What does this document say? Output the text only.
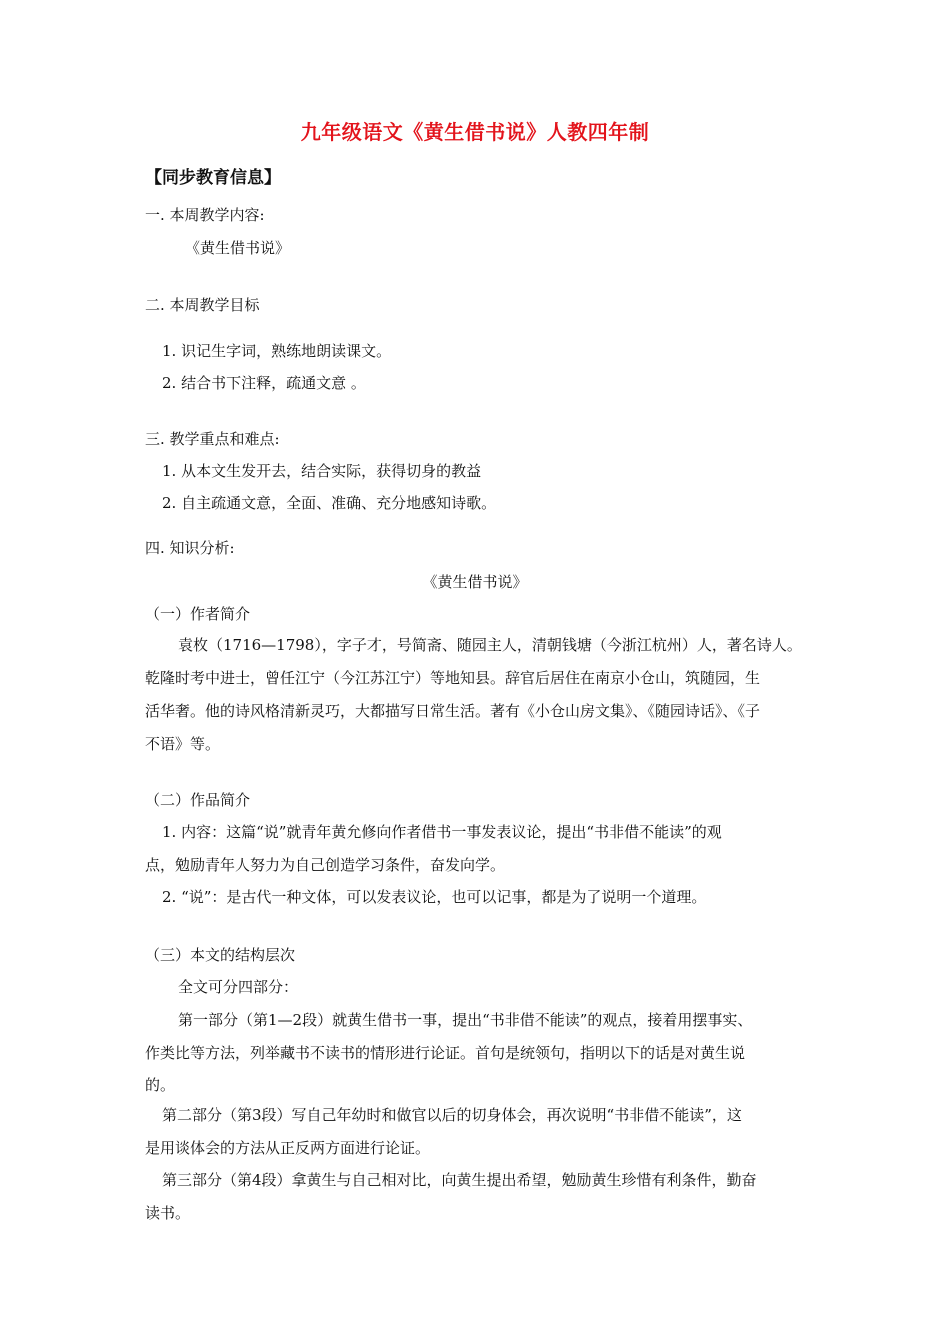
九年级语文《黄生借书说》人教四年制
【同步教育信息】
一. 本周教学内容:
《黄生借书说》
二. 本周教学目标
1. 识记生字词，熟练地朗读课文。
2. 结合书下注释，疏通文意 。
三. 教学重点和难点:
1. 从本文生发开去，结合实际，获得切身的教益
2. 自主疏通文意，全面、准确、充分地感知诗歌。
四. 知识分析:
《黄生借书说》
（一）作者简介
袁枚（1716—1798），字子才，号简斋、随园主人，清朝钱塘（今浙江杭州）人，著名诗人。
乾隆时考中进士，曾任江宁（今江苏江宁）等地知县。辞官后居住在南京小仓山，筑随园，生
活华奢。他的诗风格清新灵巧，大都描写日常生活。著有《小仓山房文集》、《随园诗话》、《子
不语》等。
（二）作品简介
1. 内容：这篇“说”就青年黄允修向作者借书一事发表议论，提出“书非借不能读”的观
点，勉励青年人努力为自己创造学习条件，奋发向学。
2. “说”：是古代一种文体，可以发表议论，也可以记事，都是为了说明一个道理。
（三）本文的结构层次
全文可分四部分：
第一部分（第1—2段）就黄生借书一事，提出“书非借不能读”的观点，接着用摆事实、
作类比等方法，列举藏书不读书的情形进行论证。首句是统领句，指明以下的话是对黄生说
的。
第二部分（第3段）写自己年幼时和做官以后的切身体会，再次说明“书非借不能读”，这
是用谈体会的方法从正反两方面进行论证。
第三部分（第4段）拿黄生与自己相对比，向黄生提出希望，勉励黄生珍惜有利条件，勤奋
读书。
